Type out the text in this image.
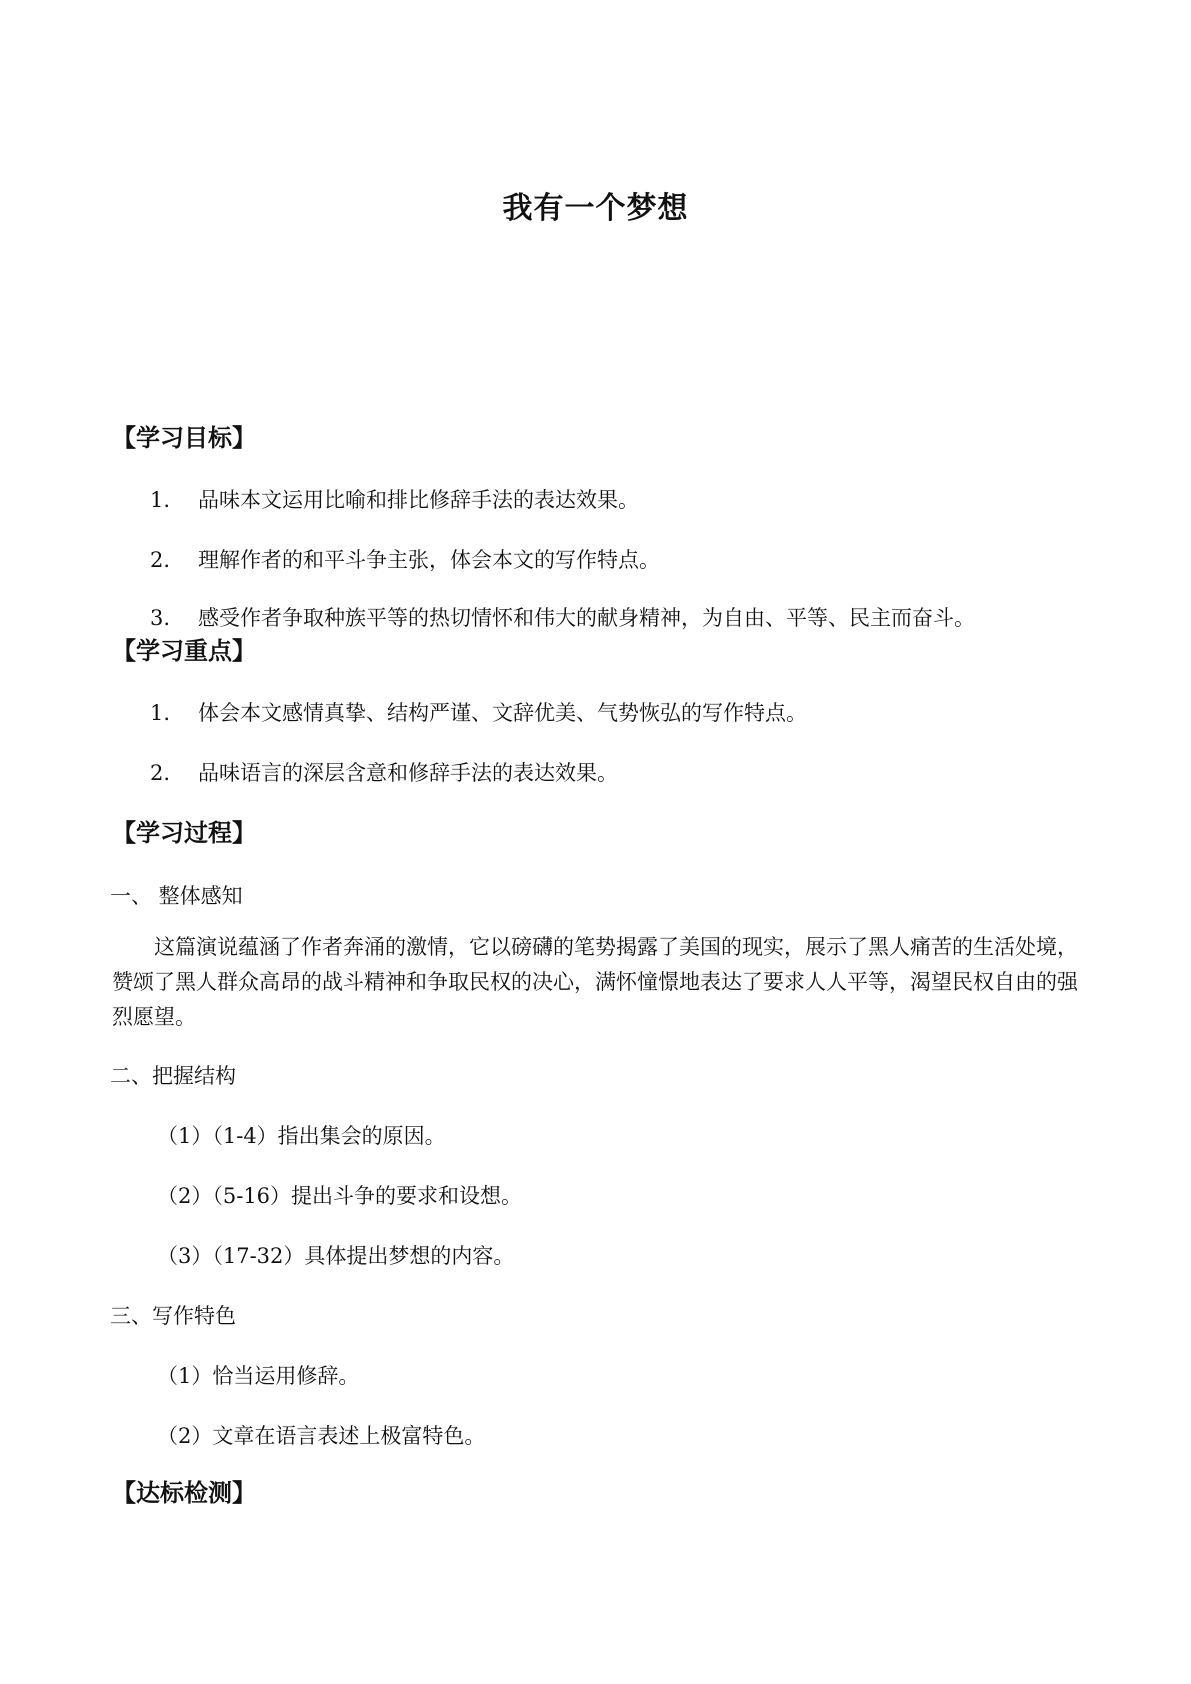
我有一个梦想
【学习目标】
1. 品味本文运用比喻和排比修辞手法的表达效果。
2. 理解作者的和平斗争主张，体会本文的写作特点。
3. 感受作者争取种族平等的热切情怀和伟大的献身精神，为自由、平等、民主而奋斗。
【学习重点】
1. 体会本文感情真挚、结构严谨、文辞优美、气势恢弘的写作特点。
2. 品味语言的深层含意和修辞手法的表达效果。
【学习过程】
一、 整体感知
这篇演说蕴涵了作者奔涌的激情，它以磅礴的笔势揭露了美国的现实，展示了黑人痛苦的生活处境，赞颂了黑人群众高昂的战斗精神和争取民权的决心，满怀憧憬地表达了要求人人平等，渴望民权自由的强烈愿望。
二、把握结构
（1）（1-4）指出集会的原因。
（2）（5-16）提出斗争的要求和设想。
（3）（17-32）具体提出梦想的内容。
三、写作特色
（1）恰当运用修辞。
（2）文章在语言表述上极富特色。
【达标检测】
